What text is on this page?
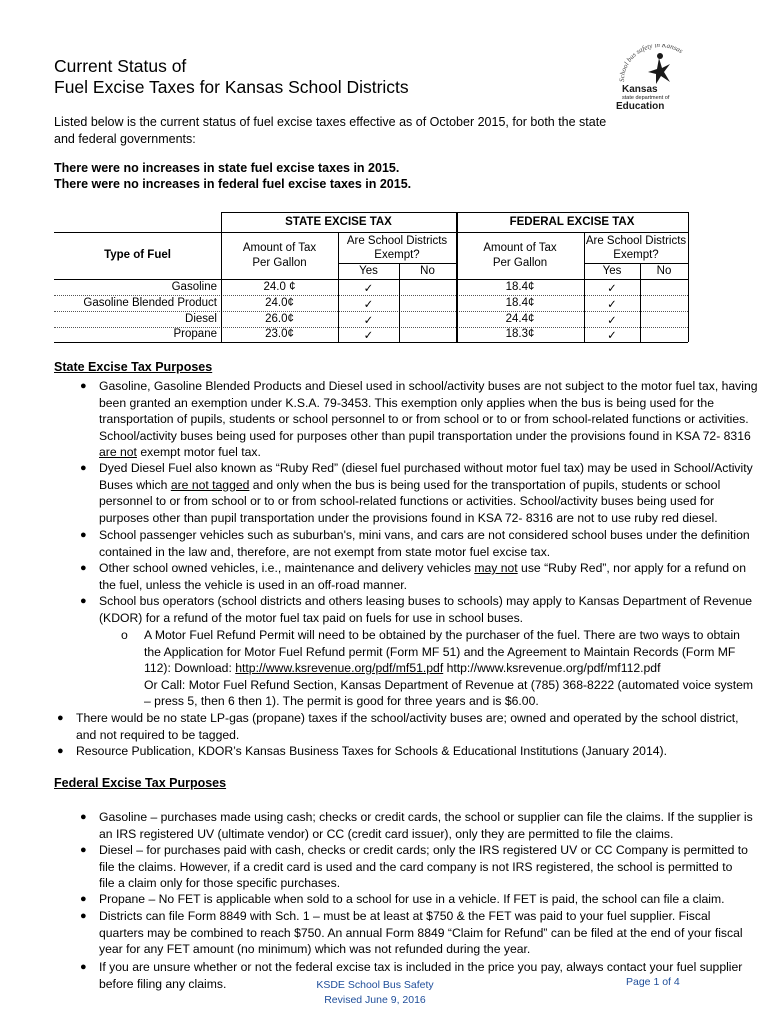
Current Status of
Fuel Excise Taxes for Kansas School Districts	School bus safety in Kansas
Kansas
state department of
Education
Listed below is the current status of fuel excise taxes effective as of October 2015, for both the state and federal governments:
There were no increases in state fuel excise taxes in 2015.
There were no increases in federal fuel excise taxes in 2015.
STATE EXCISE TAX	FEDERAL EXCISE TAX
Type of Fuel
Amount of Tax
Per Gallon
Are School Districts
Exempt?
Yes	No
Amount of Tax
Per Gallon
Are School Districts
Exempt?
Yes	No
Gasoline	24.0 ¢	✓	18.4¢	✓
Gasoline Blended Product	24.0¢	✓	18.4¢	✓
Diesel	26.0¢	✓	24.4¢	✓
Propane	23.0¢	✓	18.3¢	✓
State Excise Tax Purposes
● Gasoline, Gasoline Blended Products and Diesel used in school/activity buses are not subject to the motor fuel tax, having
been granted an exemption under K.S.A. 79-3453. This exemption only applies when the bus is being used for the
transportation of pupils, students or school personnel to or from school or to or from school-related functions or activities.
School/activity buses being used for purposes other than pupil transportation under the provisions found in KSA 72- 8316
are not exempt motor fuel tax.
● Dyed Diesel Fuel also known as “Ruby Red” (diesel fuel purchased without motor fuel tax) may be used in School/Activity
Buses which are not tagged and only when the bus is being used for the transportation of pupils, students or school
personnel to or from school or to or from school-related functions or activities. School/activity buses being used for
purposes other than pupil transportation under the provisions found in KSA 72- 8316 are not to use ruby red diesel.
● School passenger vehicles such as suburban's, mini vans, and cars are not considered school buses under the definition
contained in the law and, therefore, are not exempt from state motor fuel excise tax.
● Other school owned vehicles, i.e., maintenance and delivery vehicles may not use “Ruby Red”, nor apply for a refund on
the fuel, unless the vehicle is used in an off-road manner.
● School bus operators (school districts and others leasing buses to schools) may apply to Kansas Department of Revenue
(KDOR) for a refund of the motor fuel tax paid on fuels for use in school buses.
o A Motor Fuel Refund Permit will need to be obtained by the purchaser of the fuel. There are two ways to obtain
the Application for Motor Fuel Refund permit (Form MF 51) and the Agreement to Maintain Records (Form MF
112): Download: http://www.ksrevenue.org/pdf/mf51.pdf http://www.ksrevenue.org/pdf/mf112.pdf
Or Call: Motor Fuel Refund Section, Kansas Department of Revenue at (785) 368-8222 (automated voice system
– press 5, then 6 then 1). The permit is good for three years and is $6.00.
● There would be no state LP-gas (propane) taxes if the school/activity buses are; owned and operated by the school district,
and not required to be tagged.
● Resource Publication, KDOR’s Kansas Business Taxes for Schools & Educational Institutions (January 2014).
Federal Excise Tax Purposes
● Gasoline – purchases made using cash; checks or credit cards, the school or supplier can file the claims. If the supplier is
an IRS registered UV (ultimate vendor) or CC (credit card issuer), only they are permitted to file the claims.
● Diesel – for purchases paid with cash, checks or credit cards; only the IRS registered UV or CC Company is permitted to
file the claims. However, if a credit card is used and the card company is not IRS registered, the school is permitted to
file a claim only for those specific purchases.
● Propane – No FET is applicable when sold to a school for use in a vehicle. If FET is paid, the school can file a claim.
● Districts can file Form 8849 with Sch. 1 – must be at least at $750 & the FET was paid to your fuel supplier. Fiscal
quarters may be combined to reach $750. An annual Form 8849 “Claim for Refund” can be filed at the end of your fiscal
year for any FET amount (no minimum) which was not refunded during the year.
● If you are unsure whether or not the federal excise tax is included in the price you pay, always contact your fuel supplier
before filing any claims.	KSDE School Bus Safety
Revised June 9, 2016
Page 1 of 4
